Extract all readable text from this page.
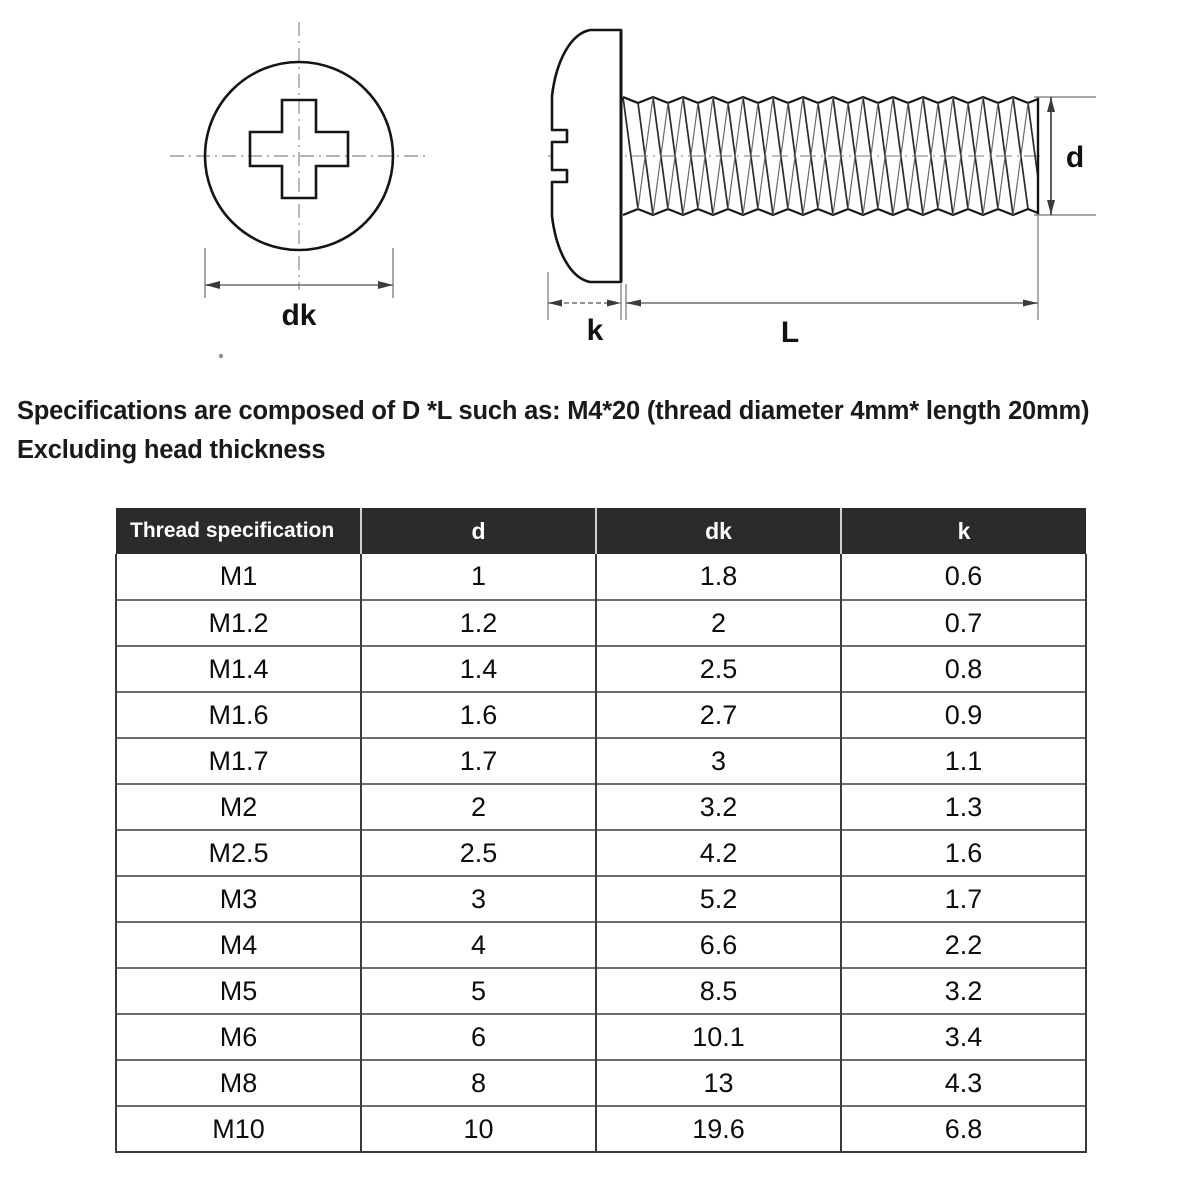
dk
d
k	L
Specifications are composed of D *L such as: M4*20 (thread diameter 4mm* length 20mm)
Excluding head thickness
Thread specification	d	dk	k
M1	1	1.8	0.6
M1.2	1.2	2	0.7
M1.4	1.4	2.5	0.8
M1.6	1.6	2.7	0.9
M1.7	1.7	3	1.1
M2	2	3.2	1.3
M2.5	2.5	4.2	1.6
M3	3	5.2	1.7
M4	4	6.6	2.2
M5	5	8.5	3.2
M6	6	10.1	3.4
M8	8	13	4.3
M10	10	19.6	6.8
